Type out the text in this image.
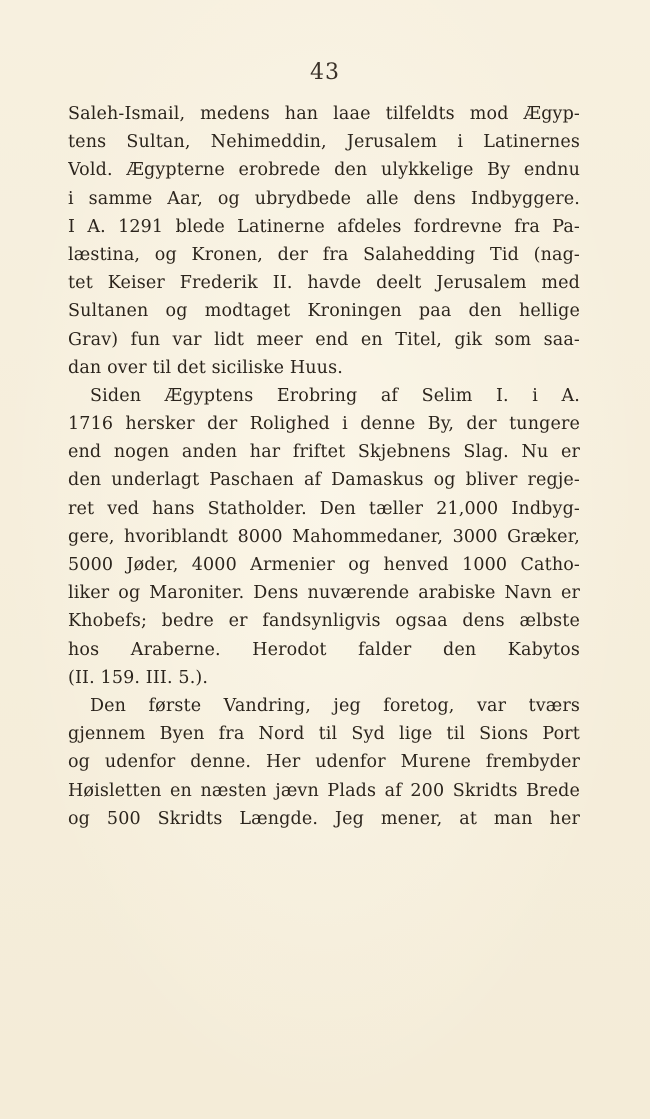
43
Saleh-Ismail, medens han laae tilfeldts mod Ægyp-
tens Sultan, Nehimeddin, Jerusalem i Latinernes
Vold. Ægypterne erobrede den ulykkelige By endnu
i samme Aar, og ubrydbede alle dens Indbyggere.
I A. 1291 blede Latinerne afdeles fordrevne fra Pa-
læstina, og Kronen, der fra Salahedding Tid (nag-
tet Keiser Frederik II. havde deelt Jerusalem med
Sultanen og modtaget Kroningen paa den hellige
Grav) fun var lidt meer end en Titel, gik som saa-
dan over til det siciliske Huus.
Siden Ægyptens Erobring af Selim I. i A.
1716 hersker der Rolighed i denne By, der tungere
end nogen anden har friftet Skjebnens Slag. Nu er
den underlagt Paschaen af Damaskus og bliver regje-
ret ved hans Statholder. Den tæller 21,000 Indbyg-
gere, hvoriblandt 8000 Mahommedaner, 3000 Græker,
5000 Jøder, 4000 Armenier og henved 1000 Catho-
liker og Maroniter. Dens nuværende arabiske Navn er
Khobefs; bedre er fandsynligvis ogsaa dens ælbste
hos Araberne. Herodot falder den Kabytos
(II. 159. III. 5.).
Den første Vandring, jeg foretog, var tværs
gjennem Byen fra Nord til Syd lige til Sions Port
og udenfor denne. Her udenfor Murene frembyder
Høisletten en næsten jævn Plads af 200 Skridts Brede
og 500 Skridts Længde. Jeg mener, at man her
